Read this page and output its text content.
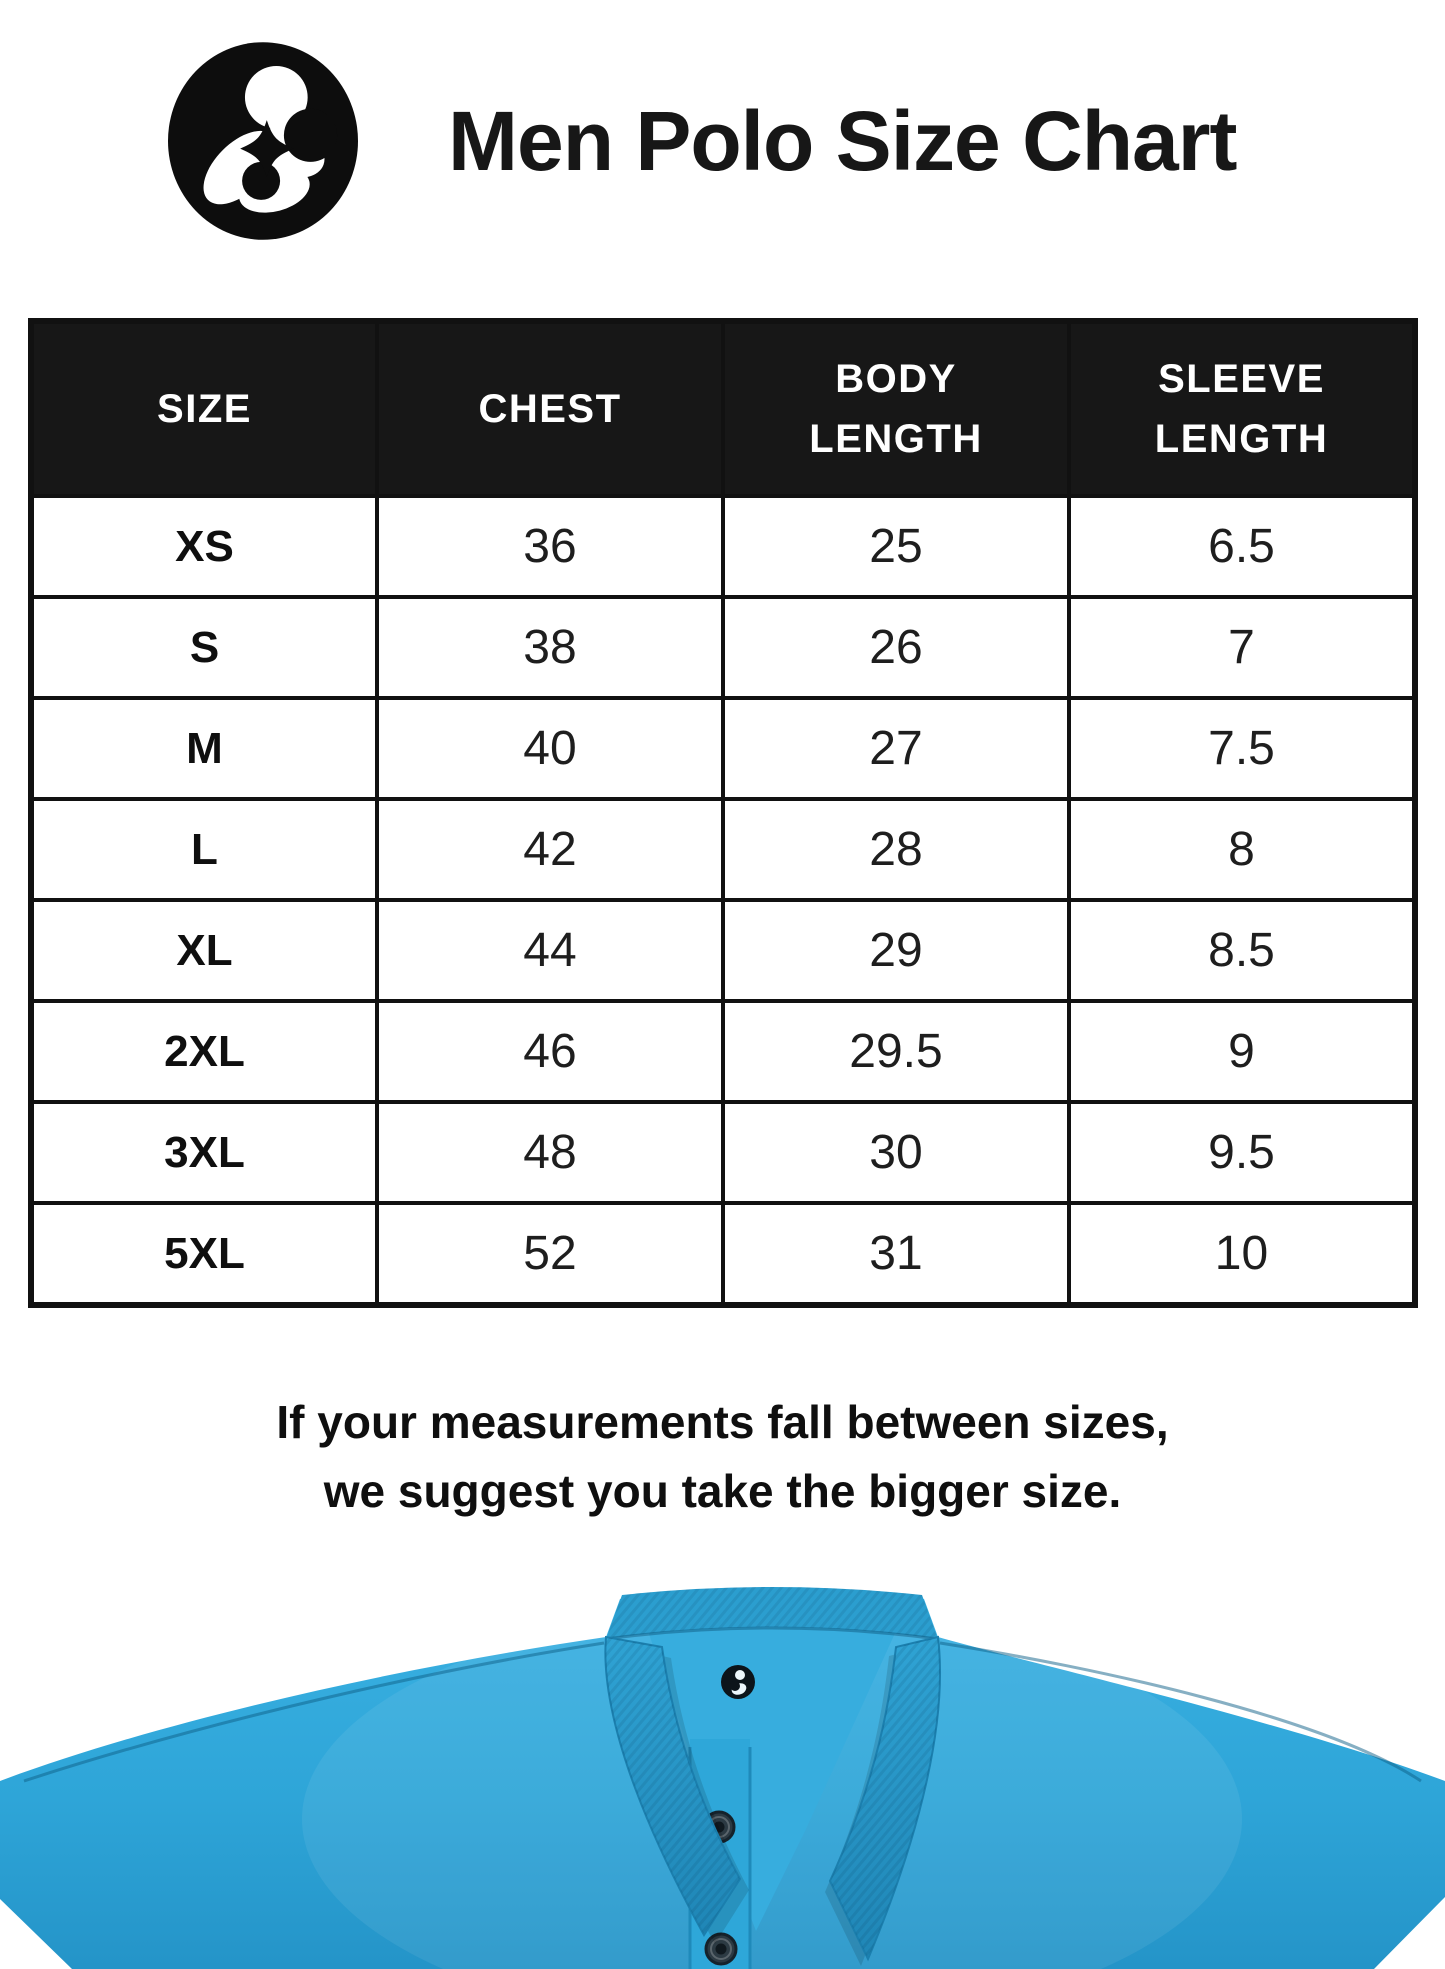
Men Polo Size Chart
SIZE	CHEST	BODY LENGTH	SLEEVE LENGTH
XS	36	25	6.5
S	38	26	7
M	40	27	7.5
L	42	28	8
XL	44	29	8.5
2XL	46	29.5	9
3XL	48	30	9.5
5XL	52	31	10
If your measurements fall between sizes,
we suggest you take the bigger size.
